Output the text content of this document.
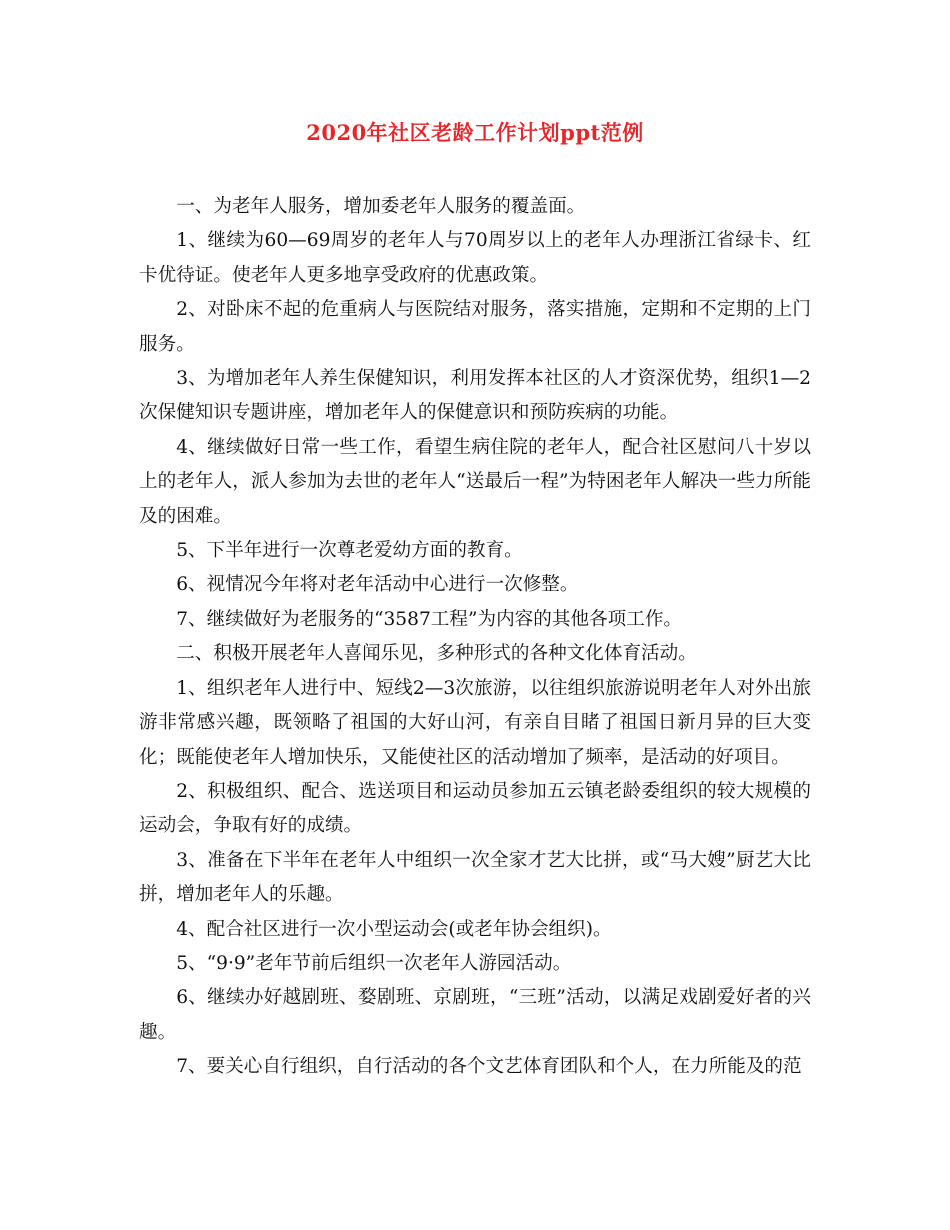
2020年社区老龄工作计划ppt范例

一、为老年人服务，增加委老年人服务的覆盖面。

1、继续为60—69周岁的老年人与70周岁以上的老年人办理浙江省绿卡、红卡优待证。使老年人更多地享受政府的优惠政策。

2、对卧床不起的危重病人与医院结对服务，落实措施，定期和不定期的上门服务。

3、为增加老年人养生保健知识，利用发挥本社区的人才资深优势，组织1—2次保健知识专题讲座，增加老年人的保健意识和预防疾病的功能。

4、继续做好日常一些工作，看望生病住院的老年人，配合社区慰问八十岁以上的老年人，派人参加为去世的老年人“送最后一程”为特困老年人解决一些力所能及的困难。

5、下半年进行一次尊老爱幼方面的教育。

6、视情况今年将对老年活动中心进行一次修整。

7、继续做好为老服务的“3587工程”为内容的其他各项工作。

二、积极开展老年人喜闻乐见，多种形式的各种文化体育活动。

1、组织老年人进行中、短线2—3次旅游，以往组织旅游说明老年人对外出旅游非常感兴趣，既领略了祖国的大好山河，有亲自目睹了祖国日新月异的巨大变化；既能使老年人增加快乐，又能使社区的活动增加了频率，是活动的好项目。

2、积极组织、配合、选送项目和运动员参加五云镇老龄委组织的较大规模的运动会，争取有好的成绩。

3、准备在下半年在老年人中组织一次全家才艺大比拼，或“马大嫂”厨艺大比拼，增加老年人的乐趣。

4、配合社区进行一次小型运动会(或老年协会组织)。

5、“9·9”老年节前后组织一次老年人游园活动。

6、继续办好越剧班、婺剧班、京剧班，“三班”活动，以满足戏剧爱好者的兴趣。

7、要关心自行组织，自行活动的各个文艺体育团队和个人，在力所能及的范
